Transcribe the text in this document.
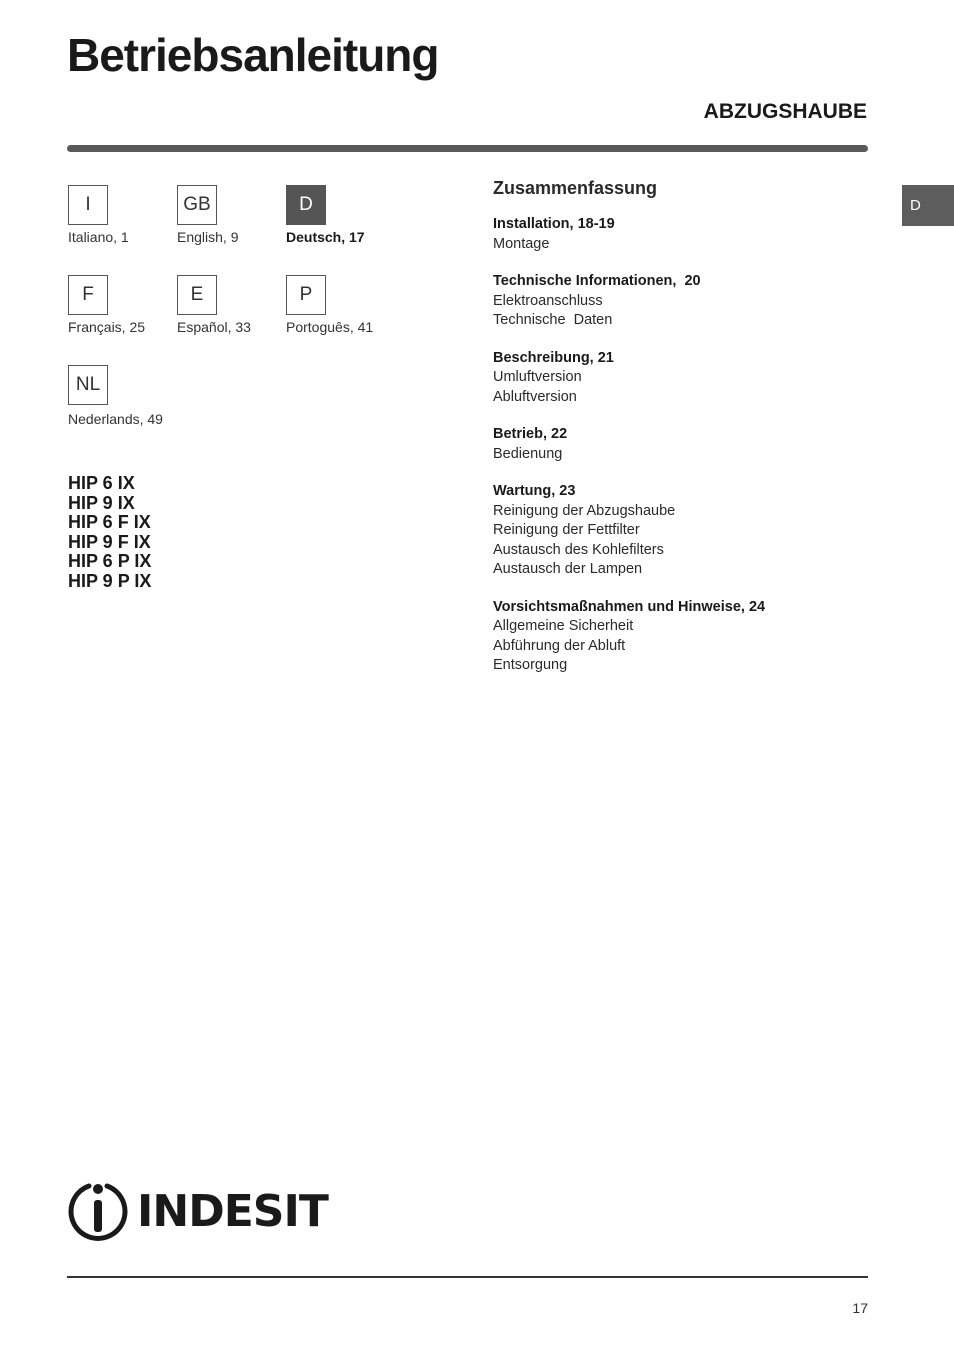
Betriebsanleitung
ABZUGSHAUBE
D
I
Italiano, 1
GB
English, 9
D
Deutsch, 17
F
Français, 25
E
Español, 33
P
Portoguês, 41
NL
Nederlands, 49
HIP 6 IX
HIP 9 IX
HIP 6 F IX
HIP 9 F IX
HIP 6 P IX
HIP 9 P IX
Zusammenfassung
Installation, 18-19
Montage
Technische Informationen,  20
Elektroanschluss
Technische  Daten
Beschreibung, 21
Umluftversion
Abluftversion
Betrieb, 22
Bedienung
Wartung, 23
Reinigung der Abzugshaube
Reinigung der Fettfilter
Austausch des Kohlefilters
Austausch der Lampen
Vorsichtsmaßnahmen und Hinweise, 24
Allgemeine Sicherheit
Abführung der Abluft
Entsorgung
INDESIT
17
